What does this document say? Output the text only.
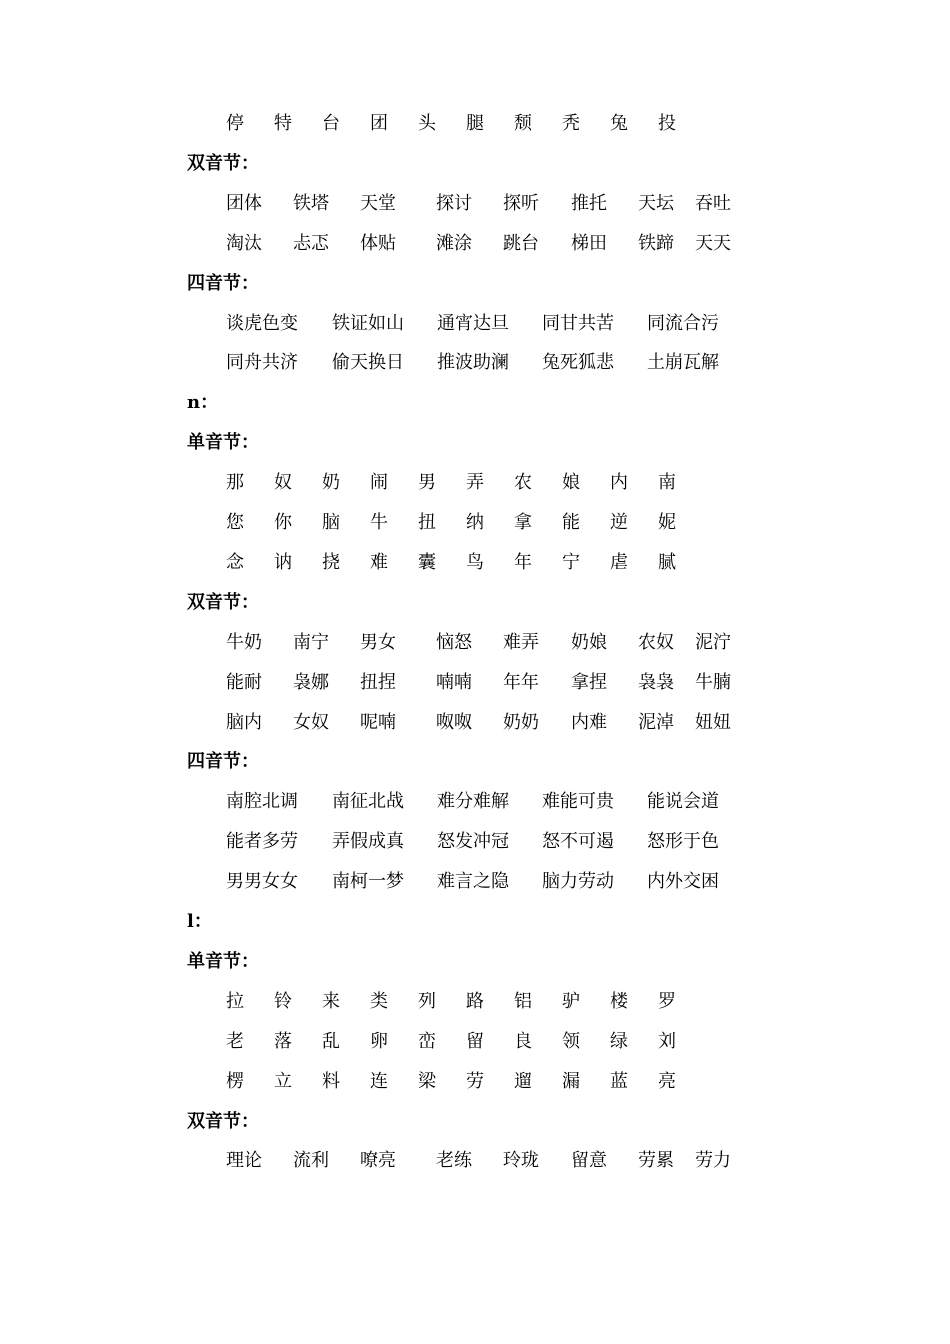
停 特 台 团 头 腿 颓 秃 兔 投
双音节：
团体 铁塔 天堂 探讨 探听 推托 天坛 吞吐
淘汰 忐忑 体贴 滩涂 跳台 梯田 铁蹄 天天
四音节：
谈虎色变 铁证如山 通宵达旦 同甘共苦 同流合污
同舟共济 偷天换日 推波助澜 兔死狐悲 土崩瓦解
n：
单音节：
那 奴 奶 闹 男 弄 农 娘 内 南
您 你 脑 牛 扭 纳 拿 能 逆 妮
念 讷 挠 难 囊 鸟 年 宁 虐 腻
双音节：
牛奶 南宁 男女 恼怒 难弄 奶娘 农奴 泥泞
能耐 袅娜 扭捏 喃喃 年年 拿捏 袅袅 牛腩
脑内 女奴 呢喃 呶呶 奶奶 内难 泥淖 妞妞
四音节：
南腔北调 南征北战 难分难解 难能可贵 能说会道
能者多劳 弄假成真 怒发冲冠 怒不可遏 怒形于色
男男女女 南柯一梦 难言之隐 脑力劳动 内外交困
l：
单音节：
拉 铃 来 类 列 路 铝 驴 楼 罗
老 落 乱 卵 峦 留 良 领 绿 刘
楞 立 料 连 梁 劳 遛 漏 蓝 亮
双音节：
理论 流利 嘹亮 老练 玲珑 留意 劳累 劳力
